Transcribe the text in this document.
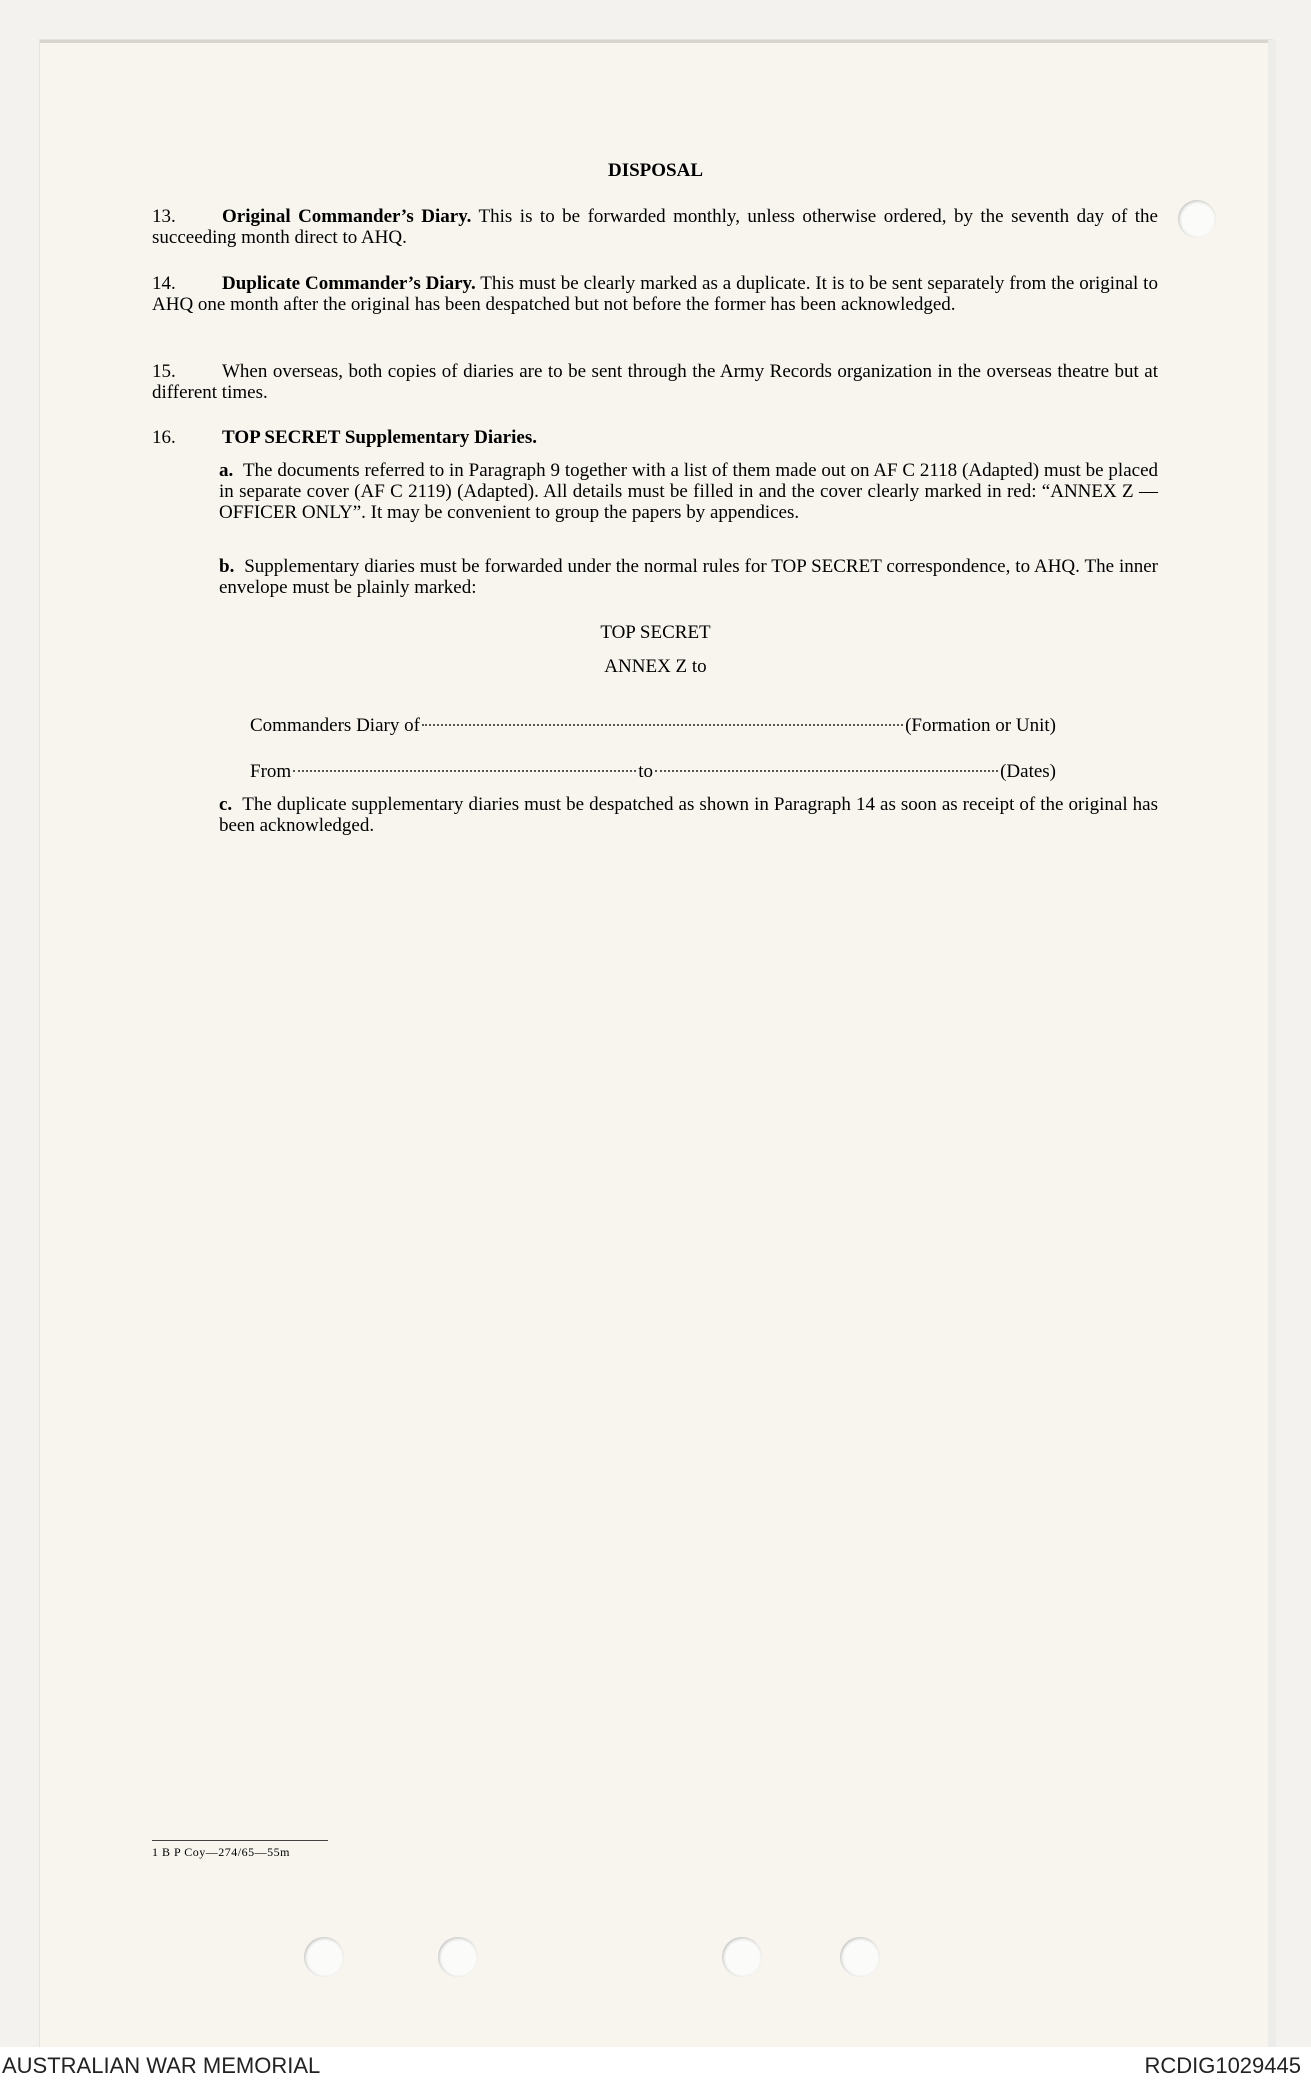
DISPOSAL
13. Original Commander’s Diary. This is to be forwarded monthly, unless otherwise ordered, by the seventh day of the succeeding month direct to AHQ.
14. Duplicate Commander’s Diary. This must be clearly marked as a duplicate. It is to be sent separately from the original to AHQ one month after the original has been despatched but not before the former has been acknowledged.
15. When overseas, both copies of diaries are to be sent through the Army Records organization in the overseas theatre but at different times.
16. TOP SECRET Supplementary Diaries.
a. The documents referred to in Paragraph 9 together with a list of them made out on AF C 2118 (Adapted) must be placed in separate cover (AF C 2119) (Adapted). All details must be filled in and the cover clearly marked in red: “ANNEX Z — OFFICER ONLY”. It may be convenient to group the papers by appendices.
b. Supplementary diaries must be forwarded under the normal rules for TOP SECRET correspondence, to AHQ. The inner envelope must be plainly marked:
TOP SECRET
ANNEX Z to
Commanders Diary of	(Formation or Unit)
From	to	(Dates)
c. The duplicate supplementary diaries must be despatched as shown in Paragraph 14 as soon as receipt of the original has been acknowledged.
1 B P Coy—274/65—55m
AUSTRALIAN WAR MEMORIAL	RCDIG1029445
